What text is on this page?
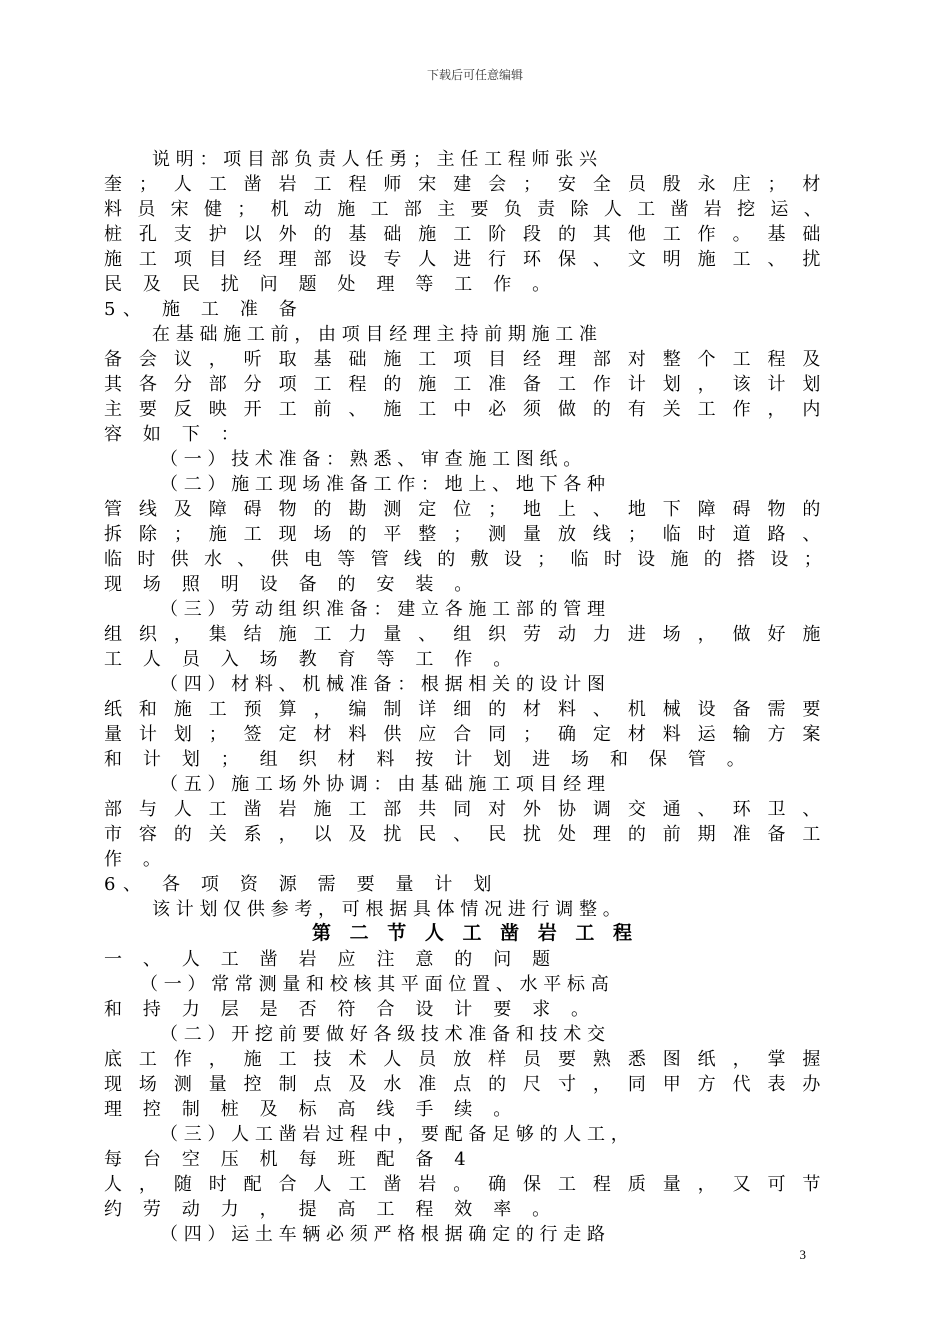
下载后可任意编辑
说 明 ： 项 目 部 负 责 人 任 勇 ； 主 任 工 程 师 张 兴
奎 ； 人 工 凿 岩 工 程 师 宋 建 会 ； 安 全 员 殷 永 庄 ； 材
料 员 宋 健 ； 机 动 施 工 部 主 要 负 责 除 人 工 凿 岩 挖 运 、
桩 孔 支 护 以 外 的 基 础 施 工 阶 段 的 其 他 工 作 。 基 础
施 工 项 目 经 理 部 设 专 人 进 行 环 保 、 文 明 施 工 、 扰
民 及 民 扰 问 题 处 理 等 工 作 。
5、 施 工 准 备
在 基 础 施 工 前 ， 由 项 目 经 理 主 持 前 期 施 工 准
备 会 议 ， 听 取 基 础 施 工 项 目 经 理 部 对 整 个 工 程 及
其 各 分 部 分 项 工 程 的 施 工 准 备 工 作 计 划 ， 该 计 划
主 要 反 映 开 工 前 、 施 工 中 必 须 做 的 有 关 工 作 ， 内
容 如 下 ：
（ 一 ） 技 术 准 备 ： 熟 悉 、 审 查 施 工 图 纸 。
（ 二 ） 施 工 现 场 准 备 工 作 ： 地 上 、 地 下 各 种
管 线 及 障 碍 物 的 勘 测 定 位 ； 地 上 、 地 下 障 碍 物 的
拆 除 ； 施 工 现 场 的 平 整 ； 测 量 放 线 ； 临 时 道 路 、
临 时 供 水 、 供 电 等 管 线 的 敷 设 ； 临 时 设 施 的 搭 设 ；
现 场 照 明 设 备 的 安 装 。
（ 三 ） 劳 动 组 织 准 备 ： 建 立 各 施 工 部 的 管 理
组 织 ， 集 结 施 工 力 量 、 组 织 劳 动 力 进 场 ， 做 好 施
工 人 员 入 场 教 育 等 工 作 。
（ 四 ） 材 料 、 机 械 准 备 ： 根 据 相 关 的 设 计 图
纸 和 施 工 预 算 ， 编 制 详 细 的 材 料 、 机 械 设 备 需 要
量 计 划 ； 签 定 材 料 供 应 合 同 ； 确 定 材 料 运 输 方 案
和 计 划 ； 组 织 材 料 按 计 划 进 场 和 保 管 。
（ 五 ） 施 工 场 外 协 调 ： 由 基 础 施 工 项 目 经 理
部 与 人 工 凿 岩 施 工 部 共 同 对 外 协 调 交 通 、 环 卫 、
市 容 的 关 系 ， 以 及 扰 民 、 民 扰 处 理 的 前 期 准 备 工
作 。
6、 各 项 资 源 需 要 量 计 划
该 计 划 仅 供 参 考 ， 可 根 据 具 体 情 况 进 行 调 整 。
第 二 节 人 工 凿 岩 工 程
一 、 人 工 凿 岩 应 注 意 的 问 题
（ 一 ） 常 常 测 量 和 校 核 其 平 面 位 置 、 水 平 标 高
和 持 力 层 是 否 符 合 设 计 要 求 。
（ 二 ） 开 挖 前 要 做 好 各 级 技 术 准 备 和 技 术 交
底 工 作 ， 施 工 技 术 人 员 放 样 员 要 熟 悉 图 纸 ， 掌 握
现 场 测 量 控 制 点 及 水 准 点 的 尺 寸 ， 同 甲 方 代 表 办
理 控 制 桩 及 标 高 线 手 续 。
（ 三 ） 人 工 凿 岩 过 程 中 ， 要 配 备 足 够 的 人 工 ，
每 台 空 压 机 每 班 配 备 4
人 ， 随 时 配 合 人 工 凿 岩 。 确 保 工 程 质 量 ， 又 可 节
约 劳 动 力 ， 提 高 工 程 效 率 。
（ 四 ） 运 土 车 辆 必 须 严 格 根 据 确 定 的 行 走 路
3
